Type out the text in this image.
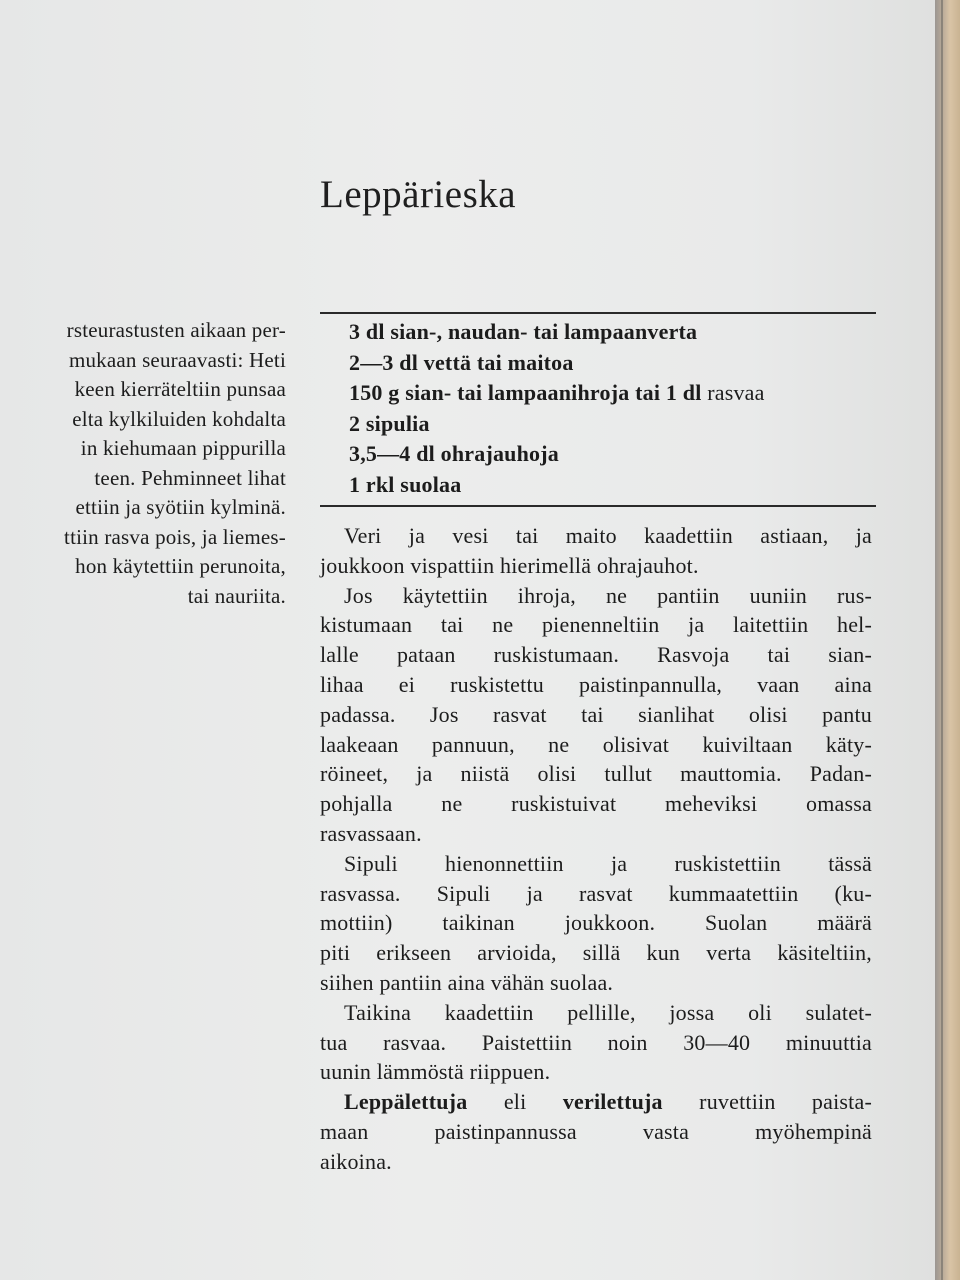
rsteurastusten aikaan per-
mukaan seuraavasti: Heti
keen kierräteltiin punsaa
elta kylkiluiden kohdalta
in kiehumaan pippurilla
teen. Pehminneet lihat
ettiin ja syötiin kylminä.
ttiin rasva pois, ja liemes-
hon käytettiin perunoita,
tai nauriita.
Leppärieska
3 dl sian-, naudan- tai lampaanverta
2—3 dl vettä tai maitoa
150 g sian- tai lampaanihroja tai 1 dl rasvaa
2 sipulia
3,5—4 dl ohrajauhoja
1 rkl suolaa
Veri ja vesi tai maito kaadettiin astiaan, ja
joukkoon vispattiin hierimellä ohrajauhot.
Jos käytettiin ihroja, ne pantiin uuniin rus-
kistumaan tai ne pienenneltiin ja laitettiin hel-
lalle pataan ruskistumaan. Rasvoja tai sian-
lihaa ei ruskistettu paistinpannulla, vaan aina
padassa. Jos rasvat tai sianlihat olisi pantu
laakeaan pannuun, ne olisivat kuiviltaan käty-
röineet, ja niistä olisi tullut mauttomia. Padan-
pohjalla ne ruskistuivat meheviksi omassa
rasvassaan.
Sipuli hienonnettiin ja ruskistettiin tässä
rasvassa. Sipuli ja rasvat kummaatettiin (ku-
mottiin) taikinan joukkoon. Suolan määrä
piti erikseen arvioida, sillä kun verta käsiteltiin,
siihen pantiin aina vähän suolaa.
Taikina kaadettiin pellille, jossa oli sulatet-
tua rasvaa. Paistettiin noin 30—40 minuuttia
uunin lämmöstä riippuen.
Leppälettuja eli verilettuja ruvettiin paista-
maan paistinpannussa vasta myöhempinä
aikoina.
